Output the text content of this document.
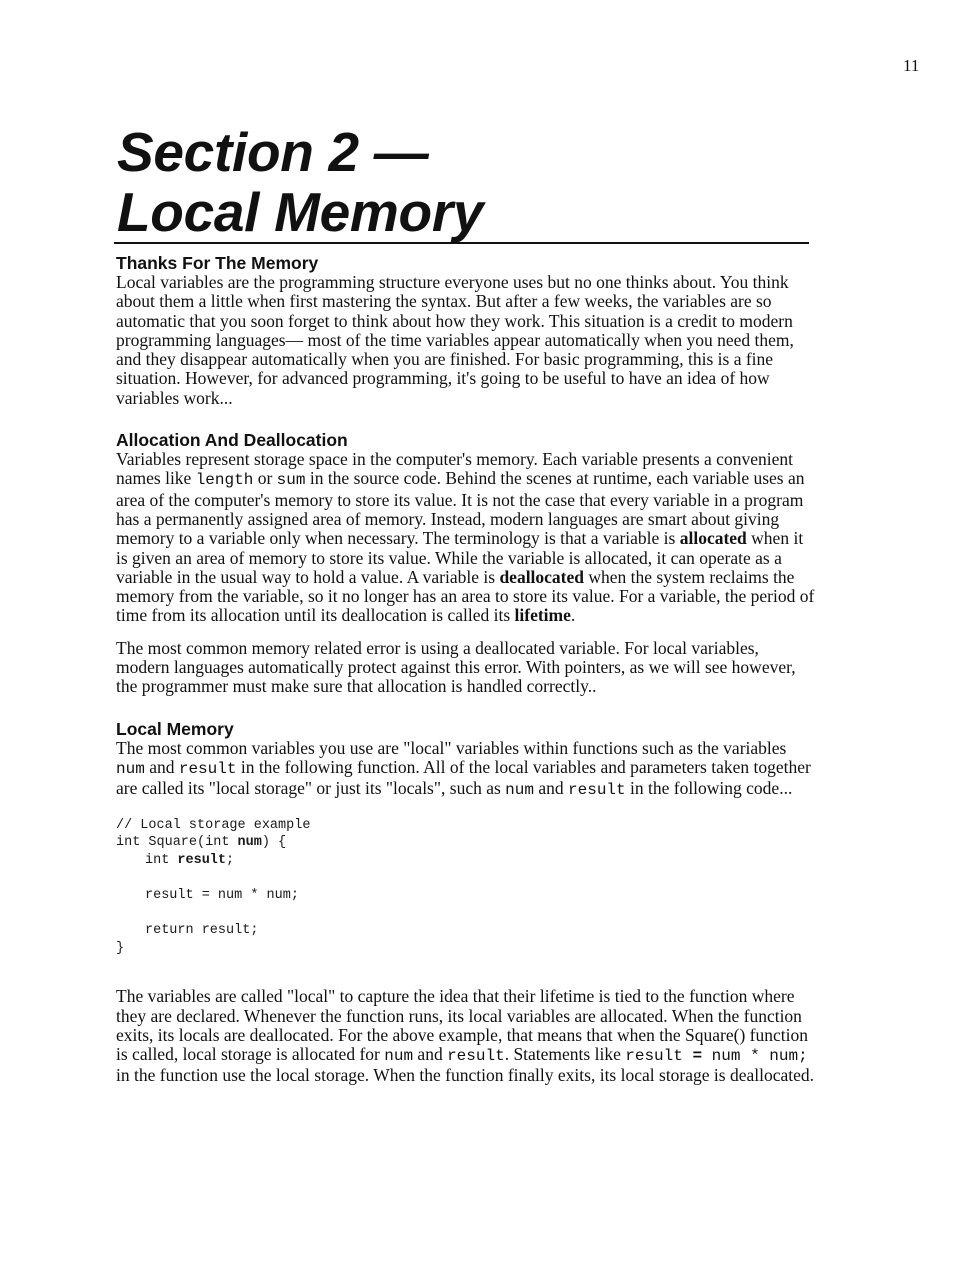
11
Section 2 —
Local Memory
Thanks For The Memory

Local variables are the programming structure everyone uses but no one thinks about. You think about them a little when first mastering the syntax. But after a few weeks, the variables are so automatic that you soon forget to think about how they work. This situation is a credit to modern programming languages— most of the time variables appear automatically when you need them, and they disappear automatically when you are finished. For basic programming, this is a fine situation. However, for advanced programming, it's going to be useful to have an idea of how variables work...

Allocation And Deallocation

Variables represent storage space in the computer's memory. Each variable presents a convenient names like length or sum in the source code. Behind the scenes at runtime, each variable uses an area of the computer's memory to store its value. It is not the case that every variable in a program has a permanently assigned area of memory. Instead, modern languages are smart about giving memory to a variable only when necessary. The terminology is that a variable is allocated when it is given an area of memory to store its value. While the variable is allocated, it can operate as a variable in the usual way to hold a value. A variable is deallocated when the system reclaims the memory from the variable, so it no longer has an area to store its value. For a variable, the period of time from its allocation until its deallocation is called its lifetime.

The most common memory related error is using a deallocated variable. For local variables, modern languages automatically protect against this error. With pointers, as we will see however, the programmer must make sure that allocation is handled correctly..

Local Memory

The most common variables you use are "local" variables within functions such as the variables num and result in the following function. All of the local variables and parameters taken together are called its "local storage" or just its "locals", such as num and result in the following code...

// Local storage example
int Square(int num) {
int result;

result = num * num;

return result;
}

The variables are called "local" to capture the idea that their lifetime is tied to the function where they are declared. Whenever the function runs, its local variables are allocated. When the function exits, its locals are deallocated. For the above example, that means that when the Square() function is called, local storage is allocated for num and result. Statements like result = num * num; in the function use the local storage. When the function finally exits, its local storage is deallocated.
